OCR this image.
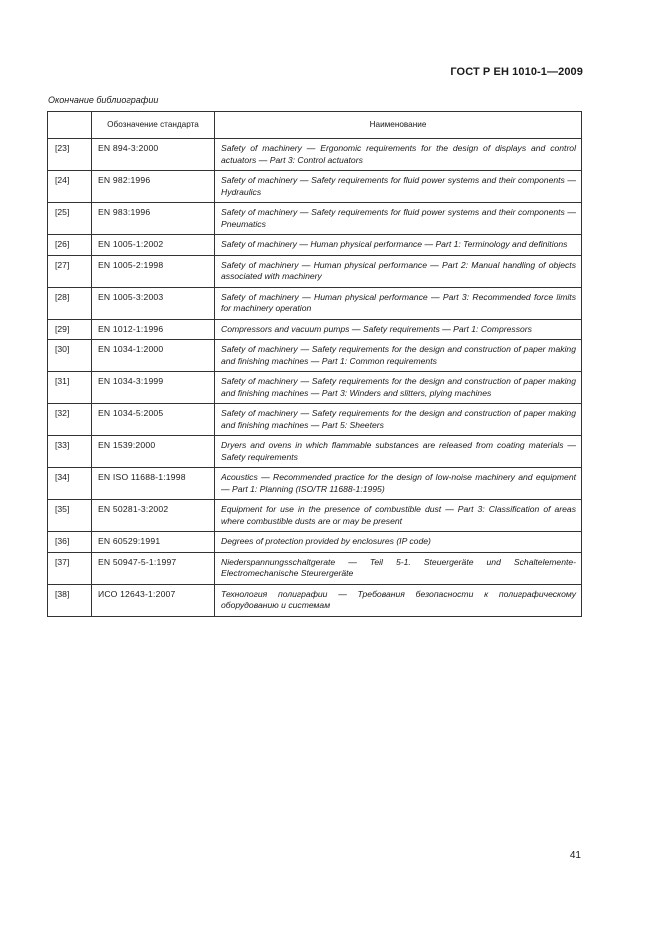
ГОСТ Р ЕН 1010-1—2009
Окончание библиографии
	Обозначение стандарта	Наименование
[23]	EN 894-3:2000	Safety of machinery — Ergonomic requirements for the design of displays and control actuators — Part 3: Control actuators
[24]	EN 982:1996	Safety of machinery — Safety requirements for fluid power systems and their components — Hydraulics
[25]	EN 983:1996	Safety of machinery — Safety requirements for fluid power systems and their components — Pneumatics
[26]	EN 1005-1:2002	Safety of machinery — Human physical performance — Part 1: Terminology and definitions
[27]	EN 1005-2:1998	Safety of machinery — Human physical performance — Part 2: Manual handling of objects associated with machinery
[28]	EN 1005-3:2003	Safety of machinery — Human physical performance — Part 3: Recommended force limits for machinery operation
[29]	EN 1012-1:1996	Compressors and vacuum pumps — Safety requirements — Part 1: Compressors
[30]	EN 1034-1:2000	Safety of machinery — Safety requirements for the design and construction of paper making and finishing machines — Part 1: Common requirements
[31]	EN 1034-3:1999	Safety of machinery — Safety requirements for the design and construction of paper making and finishing machines — Part 3: Winders and slitters, plying machines
[32]	EN 1034-5:2005	Safety of machinery — Safety requirements for the design and construction of paper making and finishing machines — Part 5: Sheeters
[33]	EN 1539:2000	Dryers and ovens in which flammable substances are released from coating materials — Safety requirements
[34]	EN ISO 11688-1:1998	Acoustics — Recommended practice for the design of low-noise machinery and equipment — Part 1: Planning (ISO/TR 11688-1:1995)
[35]	EN 50281-3:2002	Equipment for use in the presence of combustible dust — Part 3: Classification of areas where combustible dusts are or may be present
[36]	EN 60529:1991	Degrees of protection provided by enclosures (IP code)
[37]	EN 50947-5-1:1997	Niederspannungsschaltgerate — Teil 5-1. Steuergeräte und Schaltelemente-Electromechanische Steurergeräte
[38]	ИСО 12643-1:2007	Технология полиграфии — Требования безопасности к полиграфическому оборудованию и системам
41
